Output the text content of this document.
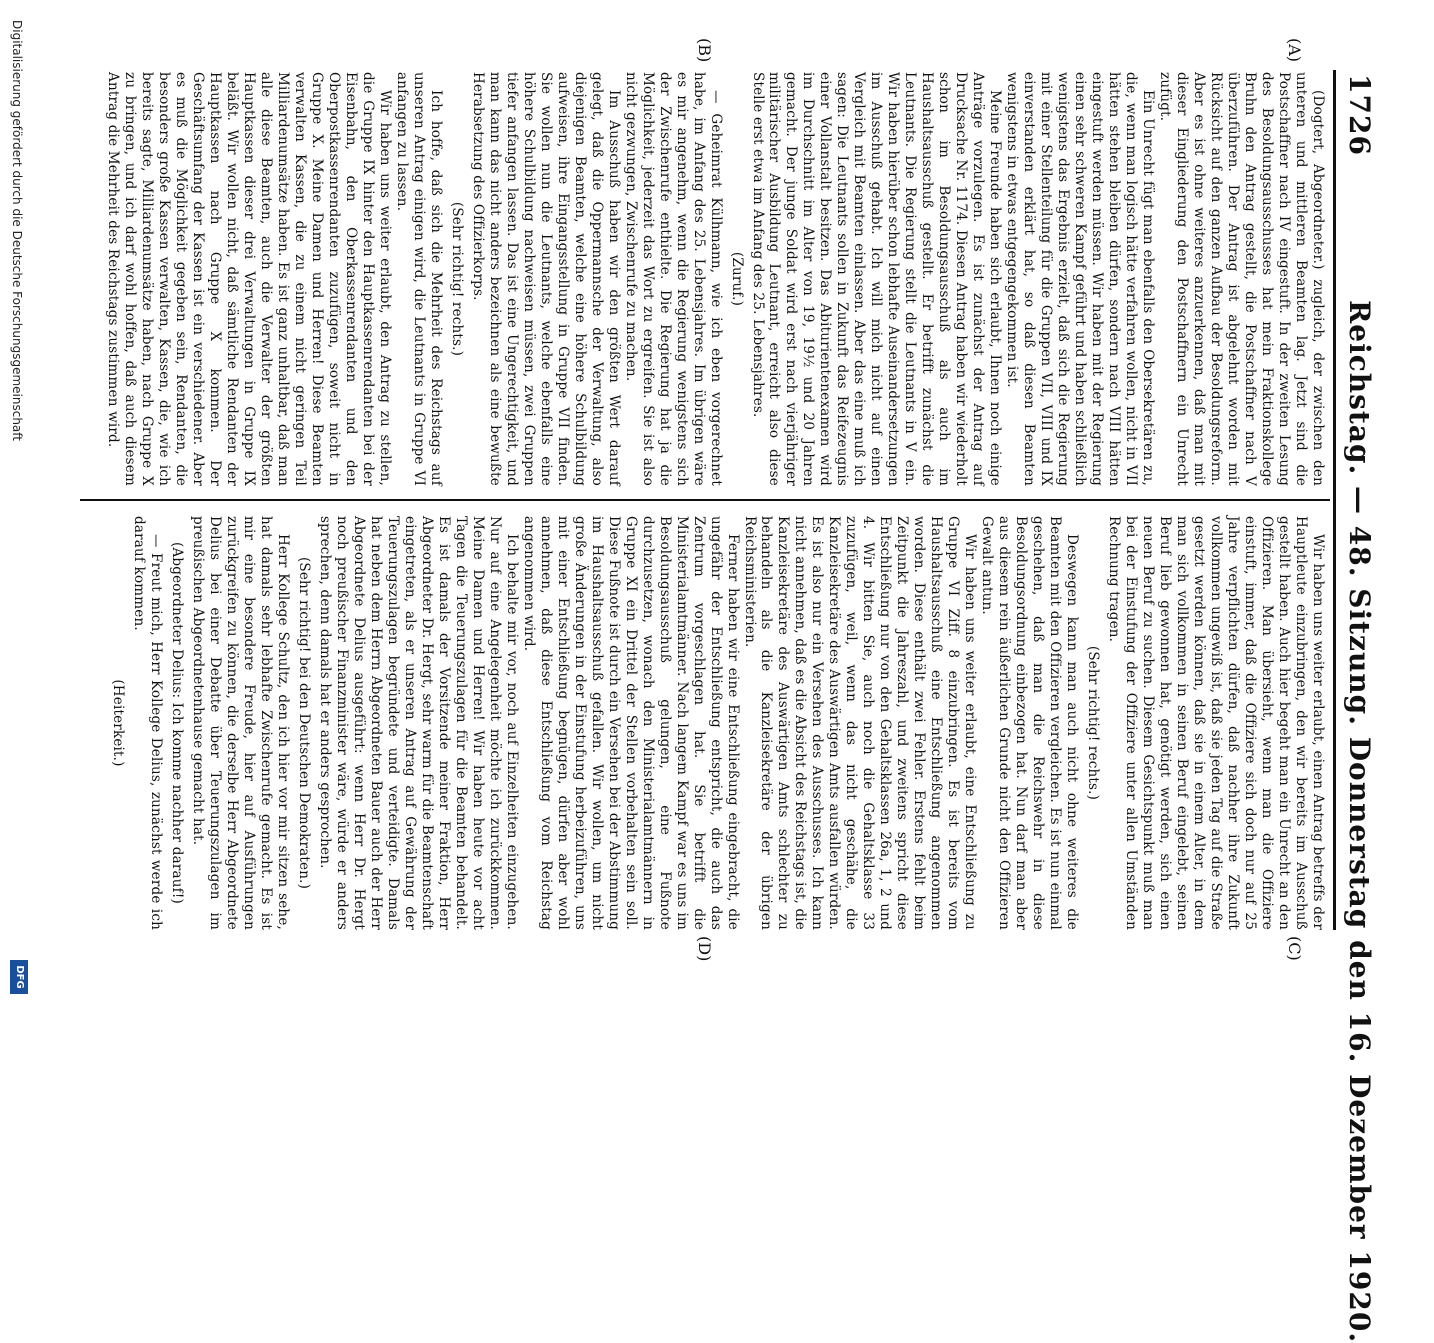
1726
Reichstag. — 48. Sitzung. Donnerstag den 16. Dezember 1920.
(A)
(B)
(C)
(D)

(Dogtert, Abgeordneter.) zugleich, der zwischen den unteren und mittleren Beamten lag. Jetzt sind die Postschaffner nach IV eingestuft. In der zweiten Lesung des Besoldungsausschusses hat mein Fraktionskollege Bruhn den Antrag gestellt, die Postschaffner nach V überzuführen. Der Antrag ist abgelehnt worden mit Rücksicht auf den ganzen Aufbau der Besoldungsreform. Aber es ist ohne weiteres anzuerkennen, daß man mit dieser Eingliederung den Postschaffnern ein Unrecht zufügt.

Ein Unrecht fügt man ebenfalls den Obersekretären zu, die, wenn man logisch hätte verfahren wollen, nicht in VII hätten stehen bleiben dürfen, sondern nach VIII hätten eingestuft werden müssen. Wir haben mit der Regierung einen sehr schweren Kampf geführt und haben schließlich wenigstens das Ergebnis erzielt, daß sich die Regierung mit einer Stellenteilung für die Gruppen VII, VIII und IX einverstanden erklärt hat, so daß diesen Beamten wenigstens in etwas entgegengekommen ist.

Meine Freunde haben sich erlaubt, Ihnen noch einige Anträge vorzulegen. Es ist zunächst der Antrag auf Drucksache Nr. 1174. Diesen Antrag haben wir wiederholt schon im Besoldungsausschuß als auch im Haushaltsausschuß gestellt. Er betrifft zunächst die Leutnants. Die Regierung stellt die Leutnants in V ein. Wir haben hierüber schon lebhafte Auseinandersetzungen im Ausschuß gehabt. Ich will mich nicht auf einen Vergleich mit Beamten einlassen. Aber das eine muß ich sagen: Die Leutnants sollen in Zukunft das Reifezeugnis einer Vollanstalt besitzen. Das Abiturientenexamen wird im Durchschnitt im Alter von 19, 19½ und 20 Jahren gemacht. Der junge Soldat wird erst nach vierjähriger militärischer Ausbildung Leutnant, erreicht also diese Stelle erst etwa im Anfang des 25. Lebensjahres.

(Zuruf.)

— Geheimrat Külhmann, wie ich eben vorgerechnet habe, im Anfang des 25. Lebensjahres. Im übrigen wäre es mir angenehm, wenn die Regierung wenigstens sich der Zwischenrufe enthielte. Die Regierung hat ja die Möglichkeit, jederzeit das Wort zu ergreifen. Sie ist also nicht gezwungen, Zwischenrufe zu machen.

Im Ausschuß haben wir den größten Wert darauf gelegt, daß die Oppermannsche der Verwaltung, also diejenigen Beamten, welche eine höhere Schulbildung aufweisen, ihre Eingangsstellung in Gruppe VII finden. Sie wollen nun die Leutnants, welche ebenfalls eine höhere Schulbildung nachweisen müssen, zwei Gruppen tiefer anfangen lassen. Das ist eine Ungerechtigkeit, und man kann das nicht anders bezeichnen als eine bewußte Herabsetzung des Offizierkorps.

(Sehr richtig! rechts.)

Ich hoffe, daß sich die Mehrheit des Reichstags auf unseren Antrag einigen wird, die Leutnants in Gruppe VI anfangen zu lassen.

Wir haben uns weiter erlaubt, den Antrag zu stellen, die Gruppe IX hinter den Hauptkassenrendanten bei der Eisenbahn, den Oberkassenrendanten und den Oberpostkassenrendanten zuzufügen, soweit nicht in Gruppe X. Meine Damen und Herren! Diese Beamten verwalten Kassen, die zu einem nicht geringen Teil Milliardenumsätze haben. Es ist ganz unhaltbar, daß man alle diese Beamten, auch die Verwalter der größten Hauptkassen dieser drei Verwaltungen in Gruppe IX beläßt. Wir wollen nicht, daß sämtliche Rendanten der Hauptkassen nach Gruppe X kommen. Der Geschäftsumfang der Kassen ist ein verschiedener. Aber es muß die Möglichkeit gegeben sein, Rendanten, die besonders große Kassen verwalten, Kassen, die, wie ich bereits sagte, Milliardenumsätze haben, nach Gruppe X zu bringen, und ich darf wohl hoffen, daß auch diesem Antrag die Mehrheit des Reichstags zustimmen wird.

Wir haben uns weiter erlaubt, einen Antrag betreffs der Hauptleute einzubringen, den wir bereits im Ausschuß gestellt haben. Auch hier begeht man ein Unrecht an den Offizieren. Man übersieht, wenn man die Offiziere einstuft, immer, daß die Offiziere sich doch nur auf 25 Jahre verpflichten dürfen, daß nachher ihre Zukunft vollkommen ungewiß ist, daß sie jeden Tag auf die Straße gesetzt werden können, daß sie in einem Alter, in dem man sich vollkommen in seinen Beruf eingelebt, seinen Beruf lieb gewonnen hat, genötigt werden, sich einen neuen Beruf zu suchen. Diesem Gesichtspunkt muß man bei der Einstufung der Offiziere unter allen Umständen Rechnung tragen.

(Sehr richtig! rechts.)

Deswegen kann man auch nicht ohne weiteres die Beamten mit den Offizieren vergleichen. Es ist nun einmal geschehen, daß man die Reichswehr in diese Besoldungsordnung einbezogen hat. Nun darf man aber aus diesem rein äußerlichen Grunde nicht den Offizieren Gewalt antun.

Wir haben uns weiter erlaubt, eine Entschließung zu Gruppe VI Ziff. 8 einzubringen. Es ist bereits vom Haushaltsausschuß eine Entschließung angenommen worden. Diese enthält zwei Fehler. Erstens fehlt beim Zeitpunkt die Jahreszahl, und zweitens spricht diese Entschließung nur von den Gehaltsklassen 26a, 1, 2 und 4. Wir bitten Sie, auch noch die Gehaltsklasse 33 zuzufügen, weil, wenn das nicht geschähe, die Kanzleisekretäre des Auswärtigen Amts ausfallen würden. Es ist also nur ein Versehen des Ausschusses. Ich kann nicht annehmen, daß es die Absicht des Reichstags ist, die Kanzleisekretäre des Auswärtigen Amts schlechter zu behandeln als die Kanzleisekretäre der übrigen Reichsministerien.

Ferner haben wir eine Entschließung eingebracht, die ungefähr der Entschließung entspricht, die auch das Zentrum vorgeschlagen hat. Sie betrifft die Ministerialamtmänner. Nach langem Kampf war es uns im Besoldungsausschuß gelungen, eine Fußnote durchzusetzen, wonach den Ministerialamtmännern in Gruppe XI ein Drittel der Stellen vorbehalten sein soll. Diese Fußnote ist durch ein Versehen bei der Abstimmung im Haushaltsausschuß gefallen. Wir wollen, um nicht große Änderungen in der Einstufung herbeizuführen, uns mit einer Entschließung begnügen, dürfen aber wohl annehmen, daß diese Entschließung vom Reichstag angenommen wird.

Ich behalte mir vor, noch auf Einzelheiten einzugehen. Nur auf eine Angelegenheit möchte ich zurückkommen. Meine Damen und Herren! Wir haben heute vor acht Tagen die Teuerungszulagen für die Beamten behandelt. Es ist damals der Vorsitzende meiner Fraktion, Herr Abgeordneter Dr. Hergt, sehr warm für die Beamtenschaft eingetreten, als er unseren Antrag auf Gewährung der Teuerungszulagen begründete und verteidigte. Damals hat neben dem Herrn Abgeordneten Bauer auch der Herr Abgeordnete Delius ausgeführt: wenn Herr Dr. Hergt noch preußischer Finanzminister wäre, würde er anders sprechen, denn damals hat er anders gesprochen.

(Sehr richtig! bei den Deutschen Demokraten.)

Herr Kollege Schultz, den ich hier vor mir sitzen sehe, hat damals sehr lebhafte Zwischenrufe gemacht. Es ist mir eine besondere Freude, hier auf Ausführungen zurückgreifen zu können, die derselbe Herr Abgeordnete Delius bei einer Debatte über Teuerungszulagen im preußischen Abgeordnetenhause gemacht hat.

(Abgeordneter Delius: Ich komme nachher darauf!)

— Freut mich, Herr Kollege Delius, zunächst werde ich darauf kommen.

(Heiterkeit.)

Digitalisierung gefördert durch die Deutsche Forschungsgemeinschaft
DFG
